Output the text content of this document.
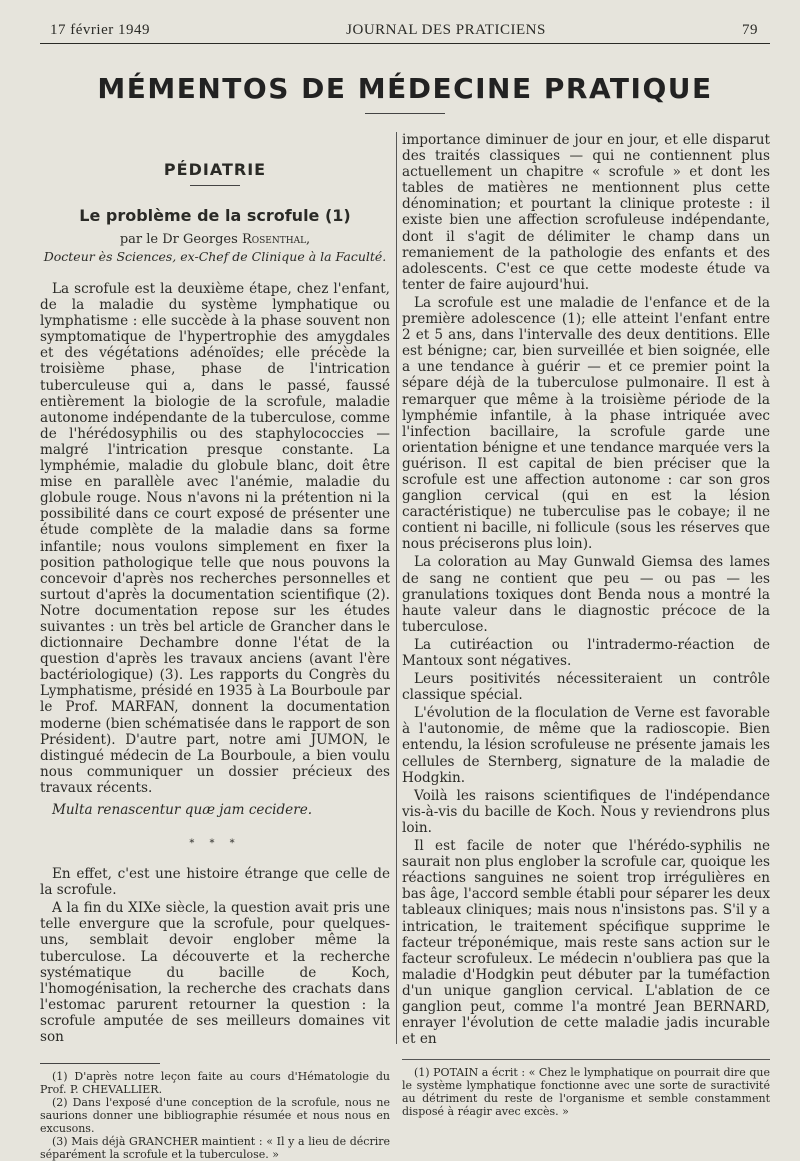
17 février 1949	JOURNAL DES PRATICIENS	79
MÉMENTOS DE MÉDECINE PRATIQUE
PÉDIATRIE
Le problème de la scrofule (1)
par le Dr Georges Rosenthal,
Docteur ès Sciences, ex-Chef de Clinique à la Faculté.

La scrofule est la deuxième étape, chez l'enfant, de la maladie du système lymphatique ou lymphatisme : elle succède à la phase souvent non symptomatique de l'hypertrophie des amygdales et des végétations adénoïdes; elle précède la troisième phase, phase de l'intrication tuberculeuse qui a, dans le passé, faussé entièrement la biologie de la scrofule, maladie autonome indépendante de la tuberculose, comme de l'hérédosyphilis ou des staphylococcies — malgré l'intrication presque constante. La lymphémie, maladie du globule blanc, doit être mise en parallèle avec l'anémie, maladie du globule rouge. Nous n'avons ni la prétention ni la possibilité dans ce court exposé de présenter une étude complète de la maladie dans sa forme infantile; nous voulons simplement en fixer la position pathologique telle que nous pouvons la concevoir d'après nos recherches personnelles et surtout d'après la documentation scientifique (2). Notre documentation repose sur les études suivantes : un très bel article de Grancher dans le dictionnaire Dechambre donne l'état de la question d'après les travaux anciens (avant l'ère bactériologique) (3). Les rapports du Congrès du Lymphatisme, présidé en 1935 à La Bourboule par le Prof. MARFAN, donnent la documentation moderne (bien schématisée dans le rapport de son Président). D'autre part, notre ami JUMON, le distingué médecin de La Bourboule, a bien voulu nous communiquer un dossier précieux des travaux récents.

Multa renascentur quæ jam cecidere.
* * *

En effet, c'est une histoire étrange que celle de la scrofule.

A la fin du XIXe siècle, la question avait pris une telle envergure que la scrofule, pour quelques-uns, semblait devoir englober même la tuberculose. La découverte et la recherche systématique du bacille de Koch, l'homogénisation, la recherche des crachats dans l'estomac parurent retourner la question : la scrofule amputée de ses meilleurs domaines vit son

(1) D'après notre leçon faite au cours d'Hématologie du Prof. P. CHEVALLIER.

(2) Dans l'exposé d'une conception de la scrofule, nous ne saurions donner une bibliographie résumée et nous nous en excusons.

(3) Mais déjà GRANCHER maintient : « Il y a lieu de décrire séparément la scrofule et la tuberculose. »

importance diminuer de jour en jour, et elle disparut des traités classiques — qui ne contiennent plus actuellement un chapitre « scrofule » et dont les tables de matières ne mentionnent plus cette dénomination; et pourtant la clinique proteste : il existe bien une affection scrofuleuse indépendante, dont il s'agit de délimiter le champ dans un remaniement de la pathologie des enfants et des adolescents. C'est ce que cette modeste étude va tenter de faire aujourd'hui.

La scrofule est une maladie de l'enfance et de la première adolescence (1); elle atteint l'enfant entre 2 et 5 ans, dans l'intervalle des deux dentitions. Elle est bénigne; car, bien surveillée et bien soignée, elle a une tendance à guérir — et ce premier point la sépare déjà de la tuberculose pulmonaire. Il est à remarquer que même à la troisième période de la lymphémie infantile, à la phase intriquée avec l'infection bacillaire, la scrofule garde une orientation bénigne et une tendance marquée vers la guérison. Il est capital de bien préciser que la scrofule est une affection autonome : car son gros ganglion cervical (qui en est la lésion caractéristique) ne tuberculise pas le cobaye; il ne contient ni bacille, ni follicule (sous les réserves que nous préciserons plus loin).

La coloration au May Gunwald Giemsa des lames de sang ne contient que peu — ou pas — les granulations toxiques dont Benda nous a montré la haute valeur dans le diagnostic précoce de la tuberculose.

La cutiréaction ou l'intradermo-réaction de Mantoux sont négatives.

Leurs positivités nécessiteraient un contrôle classique spécial.

L'évolution de la floculation de Verne est favorable à l'autonomie, de même que la radioscopie. Bien entendu, la lésion scrofuleuse ne présente jamais les cellules de Sternberg, signature de la maladie de Hodgkin.

Voilà les raisons scientifiques de l'indépendance vis-à-vis du bacille de Koch. Nous y reviendrons plus loin.

Il est facile de noter que l'hérédo-syphilis ne saurait non plus englober la scrofule car, quoique les réactions sanguines ne soient trop irrégulières en bas âge, l'accord semble établi pour séparer les deux tableaux cliniques; mais nous n'insistons pas. S'il y a intrication, le traitement spécifique supprime le facteur tréponémique, mais reste sans action sur le facteur scrofuleux. Le médecin n'oubliera pas que la maladie d'Hodgkin peut débuter par la tuméfaction d'un unique ganglion cervical. L'ablation de ce ganglion peut, comme l'a montré Jean BERNARD, enrayer l'évolution de cette maladie jadis incurable et en

(1) POTAIN a écrit : « Chez le lymphatique on pourrait dire que le système lymphatique fonctionne avec une sorte de suractivité au détriment du reste de l'organisme et semble constamment disposé à réagir avec excès. »
